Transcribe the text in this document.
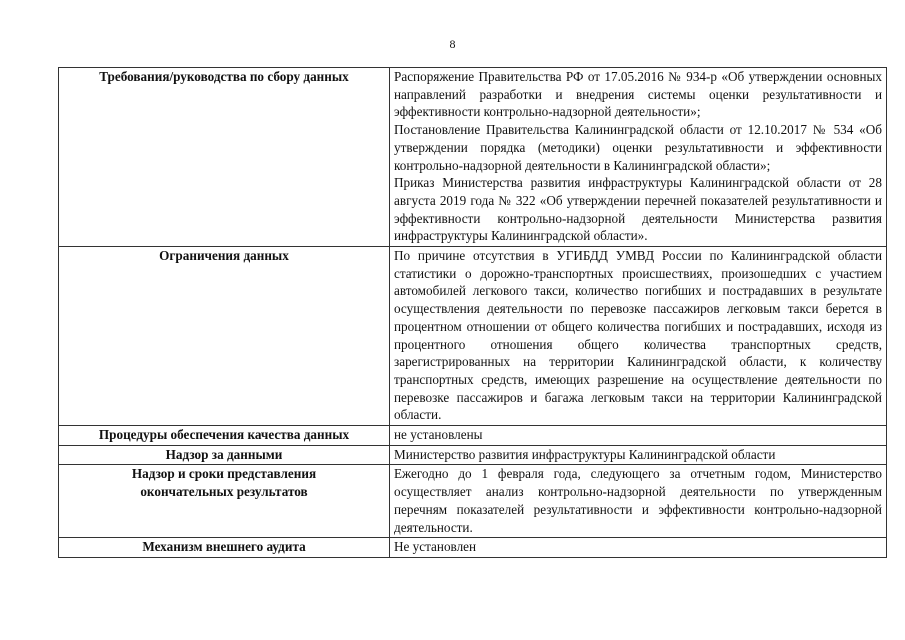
8
Требования/руководства по сбору данных	Распоряжение Правительства РФ от 17.05.2016 № 934-р «Об утверждении основных направлений разработки и внедрения системы оценки результативности и эффективности контрольно-надзорной деятельности»;
Постановление Правительства Калининградской области от 12.10.2017 № 534 «Об утверждении порядка (методики) оценки результативности и эффективности контрольно-надзорной деятельности в Калининградской области»;
Приказ Министерства развития инфраструктуры Калининградской области от 28 августа 2019 года № 322 «Об утверждении перечней показателей результативности и эффективности контрольно-надзорной деятельности Министерства развития инфраструктуры Калининградской области».

Ограничения данных	По причине отсутствия в УГИБДД УМВД России по Калининградской области статистики о дорожно-транспортных происшествиях, произошедших с участием автомобилей легкового такси, количество погибших и пострадавших в результате осуществления деятельности по перевозке пассажиров легковым такси берется в процентном отношении от общего количества погибших и пострадавших, исходя из процентного отношения общего количества транспортных средств, зарегистрированных на территории Калининградской области, к количеству транспортных средств, имеющих разрешение на осуществление деятельности по перевозке пассажиров и багажа легковым такси на территории Калининградской области.

Процедуры обеспечения качества данных	не установлены

Надзор за данными	Министерство развития инфраструктуры Калининградской области

Надзор и сроки представления
окончательных результатов	Ежегодно до 1 февраля года, следующего за отчетным годом, Министерство осуществляет анализ контрольно-надзорной деятельности по утвержденным перечням показателей результативности и эффективности контрольно-надзорной деятельности.

Механизм внешнего аудита	Не установлен
